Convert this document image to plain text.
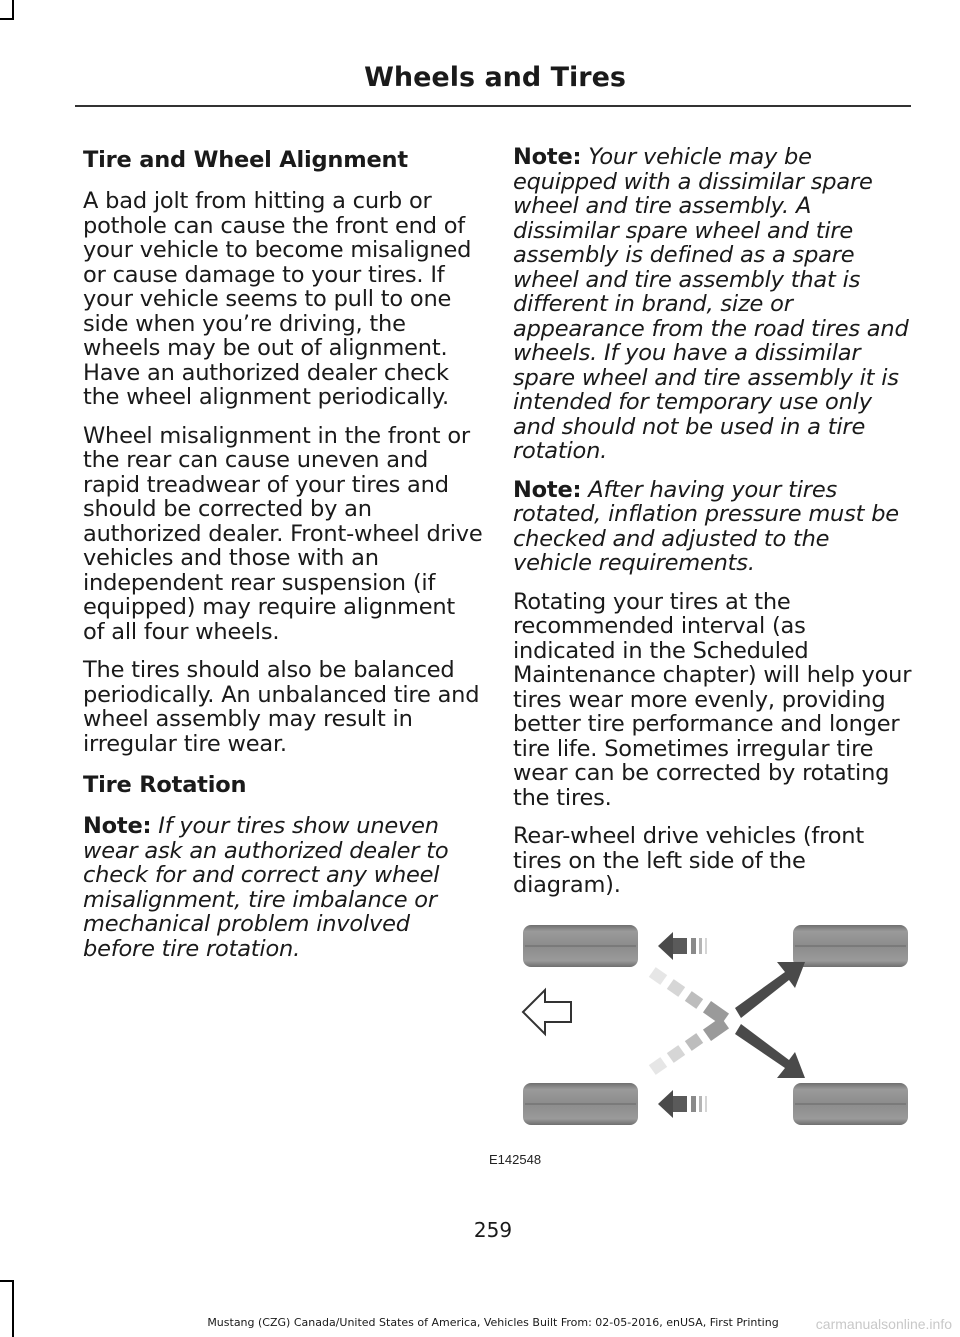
Wheels and Tires
Tire and Wheel Alignment

A bad jolt from hitting a curb or pothole can cause the front end of your vehicle to become misaligned or cause damage to your tires. If your vehicle seems to pull to one side when you’re driving, the wheels may be out of alignment. Have an authorized dealer check the wheel alignment periodically.

Wheel misalignment in the front or the rear can cause uneven and rapid treadwear of your tires and should be corrected by an authorized dealer. Front-wheel drive vehicles and those with an independent rear suspension (if equipped) may require alignment of all four wheels.

The tires should also be balanced periodically. An unbalanced tire and wheel assembly may result in irregular tire wear.

Tire Rotation

Note: If your tires show uneven wear ask an authorized dealer to check for and correct any wheel misalignment, tire imbalance or mechanical problem involved before tire rotation.

Note: Your vehicle may be equipped with a dissimilar spare wheel and tire assembly. A dissimilar spare wheel and tire assembly is defined as a spare wheel and tire assembly that is different in brand, size or appearance from the road tires and wheels. If you have a dissimilar spare wheel and tire assembly it is intended for temporary use only and should not be used in a tire rotation.

Note: After having your tires rotated, inflation pressure must be checked and adjusted to the vehicle requirements.

Rotating your tires at the recommended interval (as indicated in the Scheduled Maintenance chapter) will help your tires wear more evenly, providing better tire performance and longer tire life. Sometimes irregular tire wear can be corrected by rotating the tires.

Rear-wheel drive vehicles (front tires on the left side of the diagram).

E142548
259
Mustang (CZG) Canada/United States of America, Vehicles Built From: 02-05-2016, enUSA, First Printing	carmanualsonline.info
